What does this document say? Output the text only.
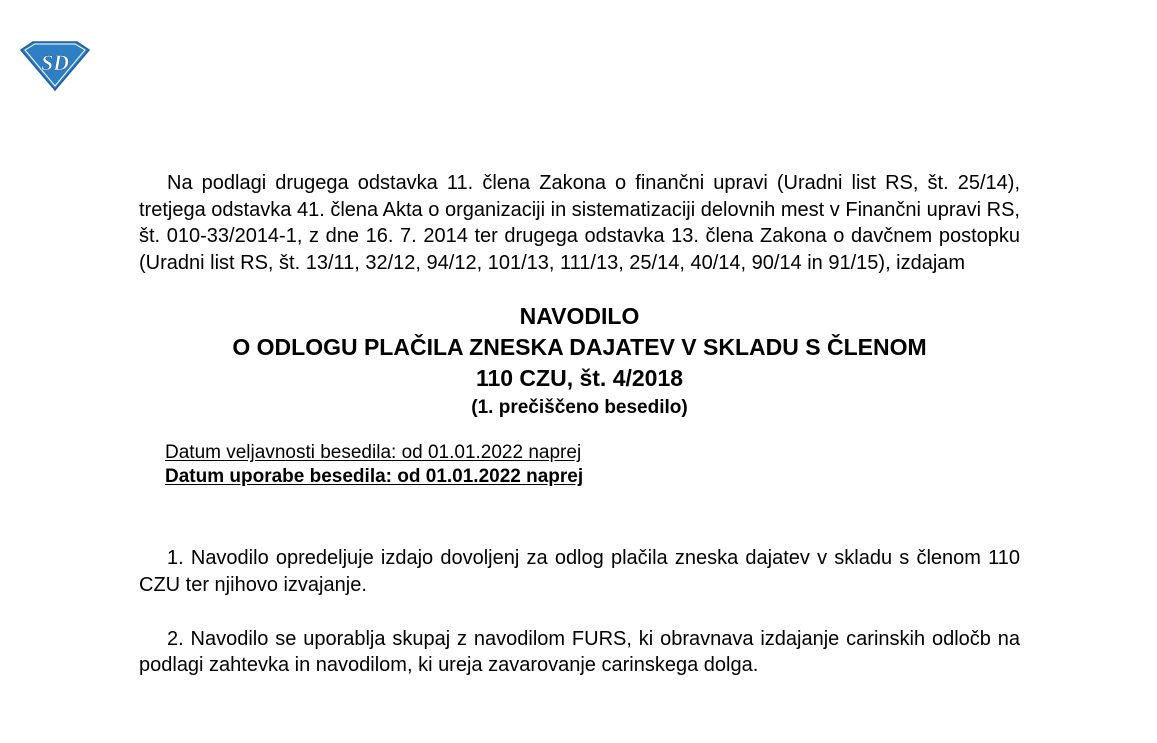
SD

Na podlagi drugega odstavka 11. člena Zakona o finančni upravi (Uradni list RS, št. 25/14), tretjega odstavka 41. člena Akta o organizaciji in sistematizaciji delovnih mest v Finančni upravi RS, št. 010-33/2014-1, z dne 16. 7. 2014 ter drugega odstavka 13. člena Zakona o davčnem postopku (Uradni list RS, št. 13/11, 32/12, 94/12, 101/13, 111/13, 25/14, 40/14, 90/14 in 91/15), izdajam

NAVODILO
O ODLOGU PLAČILA ZNESKA DAJATEV V SKLADU S ČLENOM
110 CZU, št. 4/2018
(1. prečiščeno besedilo)
Datum veljavnosti besedila: od 01.01.2022 naprej
Datum uporabe besedila: od 01.01.2022 naprej

1. Navodilo opredeljuje izdajo dovoljenj za odlog plačila zneska dajatev v skladu s členom 110 CZU ter njihovo izvajanje.

2. Navodilo se uporablja skupaj z navodilom FURS, ki obravnava izdajanje carinskih odločb na podlagi zahtevka in navodilom, ki ureja zavarovanje carinskega dolga.
